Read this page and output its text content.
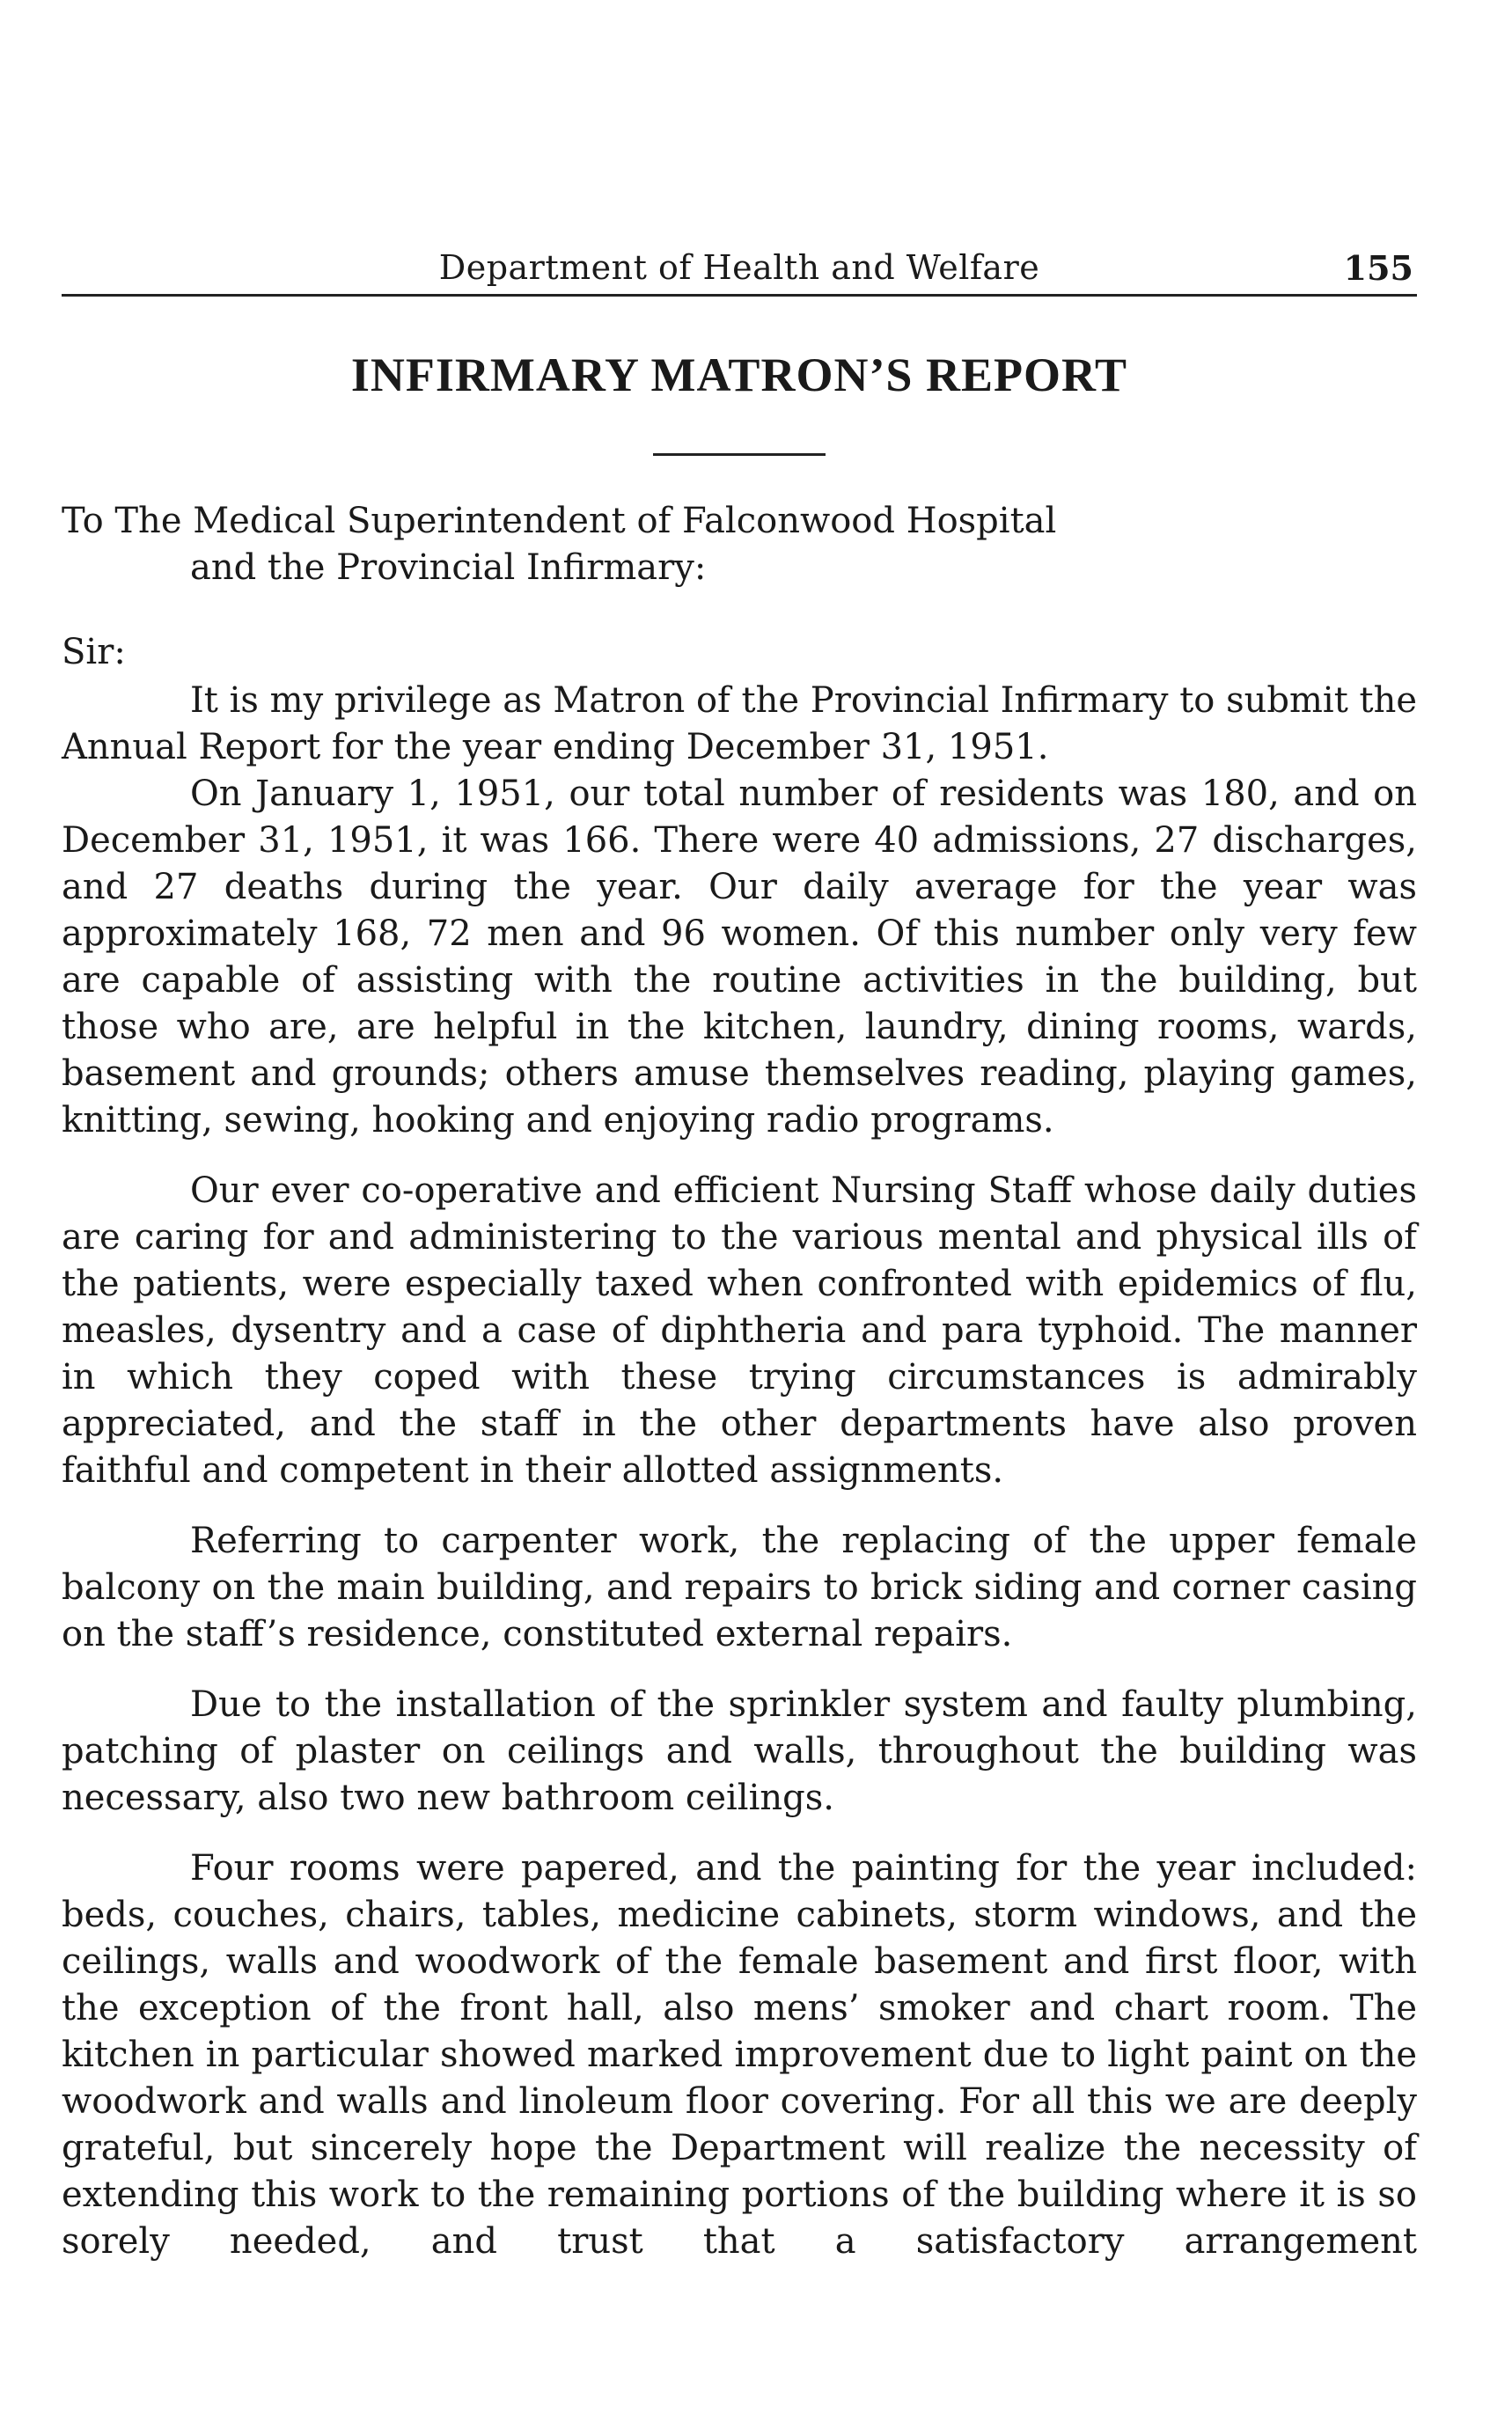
Department of Health and Welfare	155
INFIRMARY MATRON’S REPORT
To The Medical Superintendent of Falconwood Hospital
and the Provincial Infirmary:
Sir:

It is my privilege as Matron of the Provincial Infirmary to submit the Annual Report for the year ending December 31, 1951.

On January 1, 1951, our total number of residents was 180, and on December 31, 1951, it was 166. There were 40 admissions, 27 discharges, and 27 deaths during the year. Our daily average for the year was approximately 168, 72 men and 96 women. Of this number only very few are capable of assisting with the routine activities in the building, but those who are, are helpful in the kitchen, laundry, dining rooms, wards, basement and grounds; others amuse themselves reading, playing games, knitting, sewing, hooking and enjoying radio programs.

Our ever co-operative and efficient Nursing Staff whose daily duties are caring for and administering to the various mental and physical ills of the patients, were especially taxed when confronted with epidemics of flu, measles, dysentry and a case of diphtheria and para typhoid. The manner in which they coped with these trying circumstances is admirably appreciated, and the staff in the other departments have also proven faithful and competent in their allotted assignments.

Referring to carpenter work, the replacing of the upper female balcony on the main building, and repairs to brick siding and corner casing on the staff’s residence, constituted external repairs.

Due to the installation of the sprinkler system and faulty plumbing, patching of plaster on ceilings and walls, throughout the building was necessary, also two new bathroom ceilings.

Four rooms were papered, and the painting for the year included: beds, couches, chairs, tables, medicine cabinets, storm windows, and the ceilings, walls and woodwork of the female basement and first floor, with the exception of the front hall, also mens’ smoker and chart room. The kitchen in particular showed marked improvement due to light paint on the woodwork and walls and linoleum floor covering. For all this we are deeply grateful, but sincerely hope the Department will realize the necessity of extending this work to the remaining portions of the building where it is so sorely needed, and trust that a satisfactory arrangement
